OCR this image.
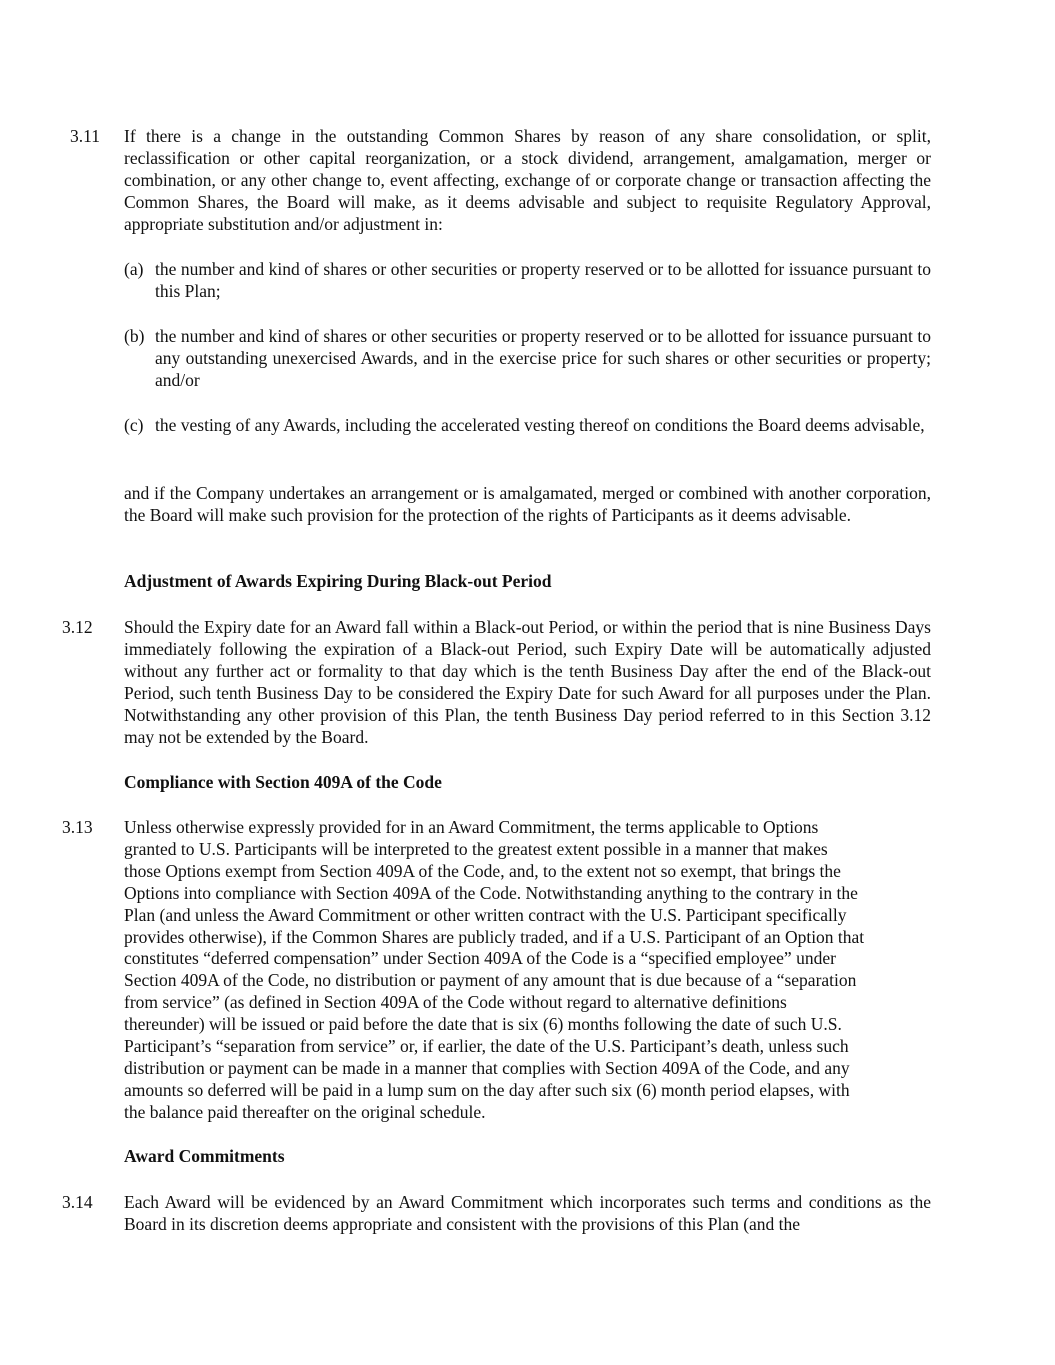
3.11 If there is a change in the outstanding Common Shares by reason of any share consolidation, or split, reclassification or other capital reorganization, or a stock dividend, arrangement, amalgamation, merger or combination, or any other change to, event affecting, exchange of or corporate change or transaction affecting the Common Shares, the Board will make, as it deems advisable and subject to requisite Regulatory Approval, appropriate substitution and/or adjustment in:
(a) the number and kind of shares or other securities or property reserved or to be allotted for issuance pursuant to this Plan;
(b) the number and kind of shares or other securities or property reserved or to be allotted for issuance pursuant to any outstanding unexercised Awards, and in the exercise price for such shares or other securities or property; and/or
(c) the vesting of any Awards, including the accelerated vesting thereof on conditions the Board deems advisable,
and if the Company undertakes an arrangement or is amalgamated, merged or combined with another corporation, the Board will make such provision for the protection of the rights of Participants as it deems advisable.
Adjustment of Awards Expiring During Black-out Period
3.12 Should the Expiry date for an Award fall within a Black-out Period, or within the period that is nine Business Days immediately following the expiration of a Black-out Period, such Expiry Date will be automatically adjusted without any further act or formality to that day which is the tenth Business Day after the end of the Black-out Period, such tenth Business Day to be considered the Expiry Date for such Award for all purposes under the Plan. Notwithstanding any other provision of this Plan, the tenth Business Day period referred to in this Section 3.12 may not be extended by the Board.
Compliance with Section 409A of the Code
3.13 Unless otherwise expressly provided for in an Award Commitment, the terms applicable to Options
granted to U.S. Participants will be interpreted to the greatest extent possible in a manner that makes
those Options exempt from Section 409A of the Code, and, to the extent not so exempt, that brings the
Options into compliance with Section 409A of the Code. Notwithstanding anything to the contrary in the
Plan (and unless the Award Commitment or other written contract with the U.S. Participant specifically
provides otherwise), if the Common Shares are publicly traded, and if a U.S. Participant of an Option that
constitutes “deferred compensation” under Section 409A of the Code is a “specified employee” under
Section 409A of the Code, no distribution or payment of any amount that is due because of a “separation
from service” (as defined in Section 409A of the Code without regard to alternative definitions
thereunder) will be issued or paid before the date that is six (6) months following the date of such U.S.
Participant’s “separation from service” or, if earlier, the date of the U.S. Participant’s death, unless such
distribution or payment can be made in a manner that complies with Section 409A of the Code, and any
amounts so deferred will be paid in a lump sum on the day after such six (6) month period elapses, with
the balance paid thereafter on the original schedule.
Award Commitments
3.14 Each Award will be evidenced by an Award Commitment which incorporates such terms and conditions as the Board in its discretion deems appropriate and consistent with the provisions of this Plan (and the
